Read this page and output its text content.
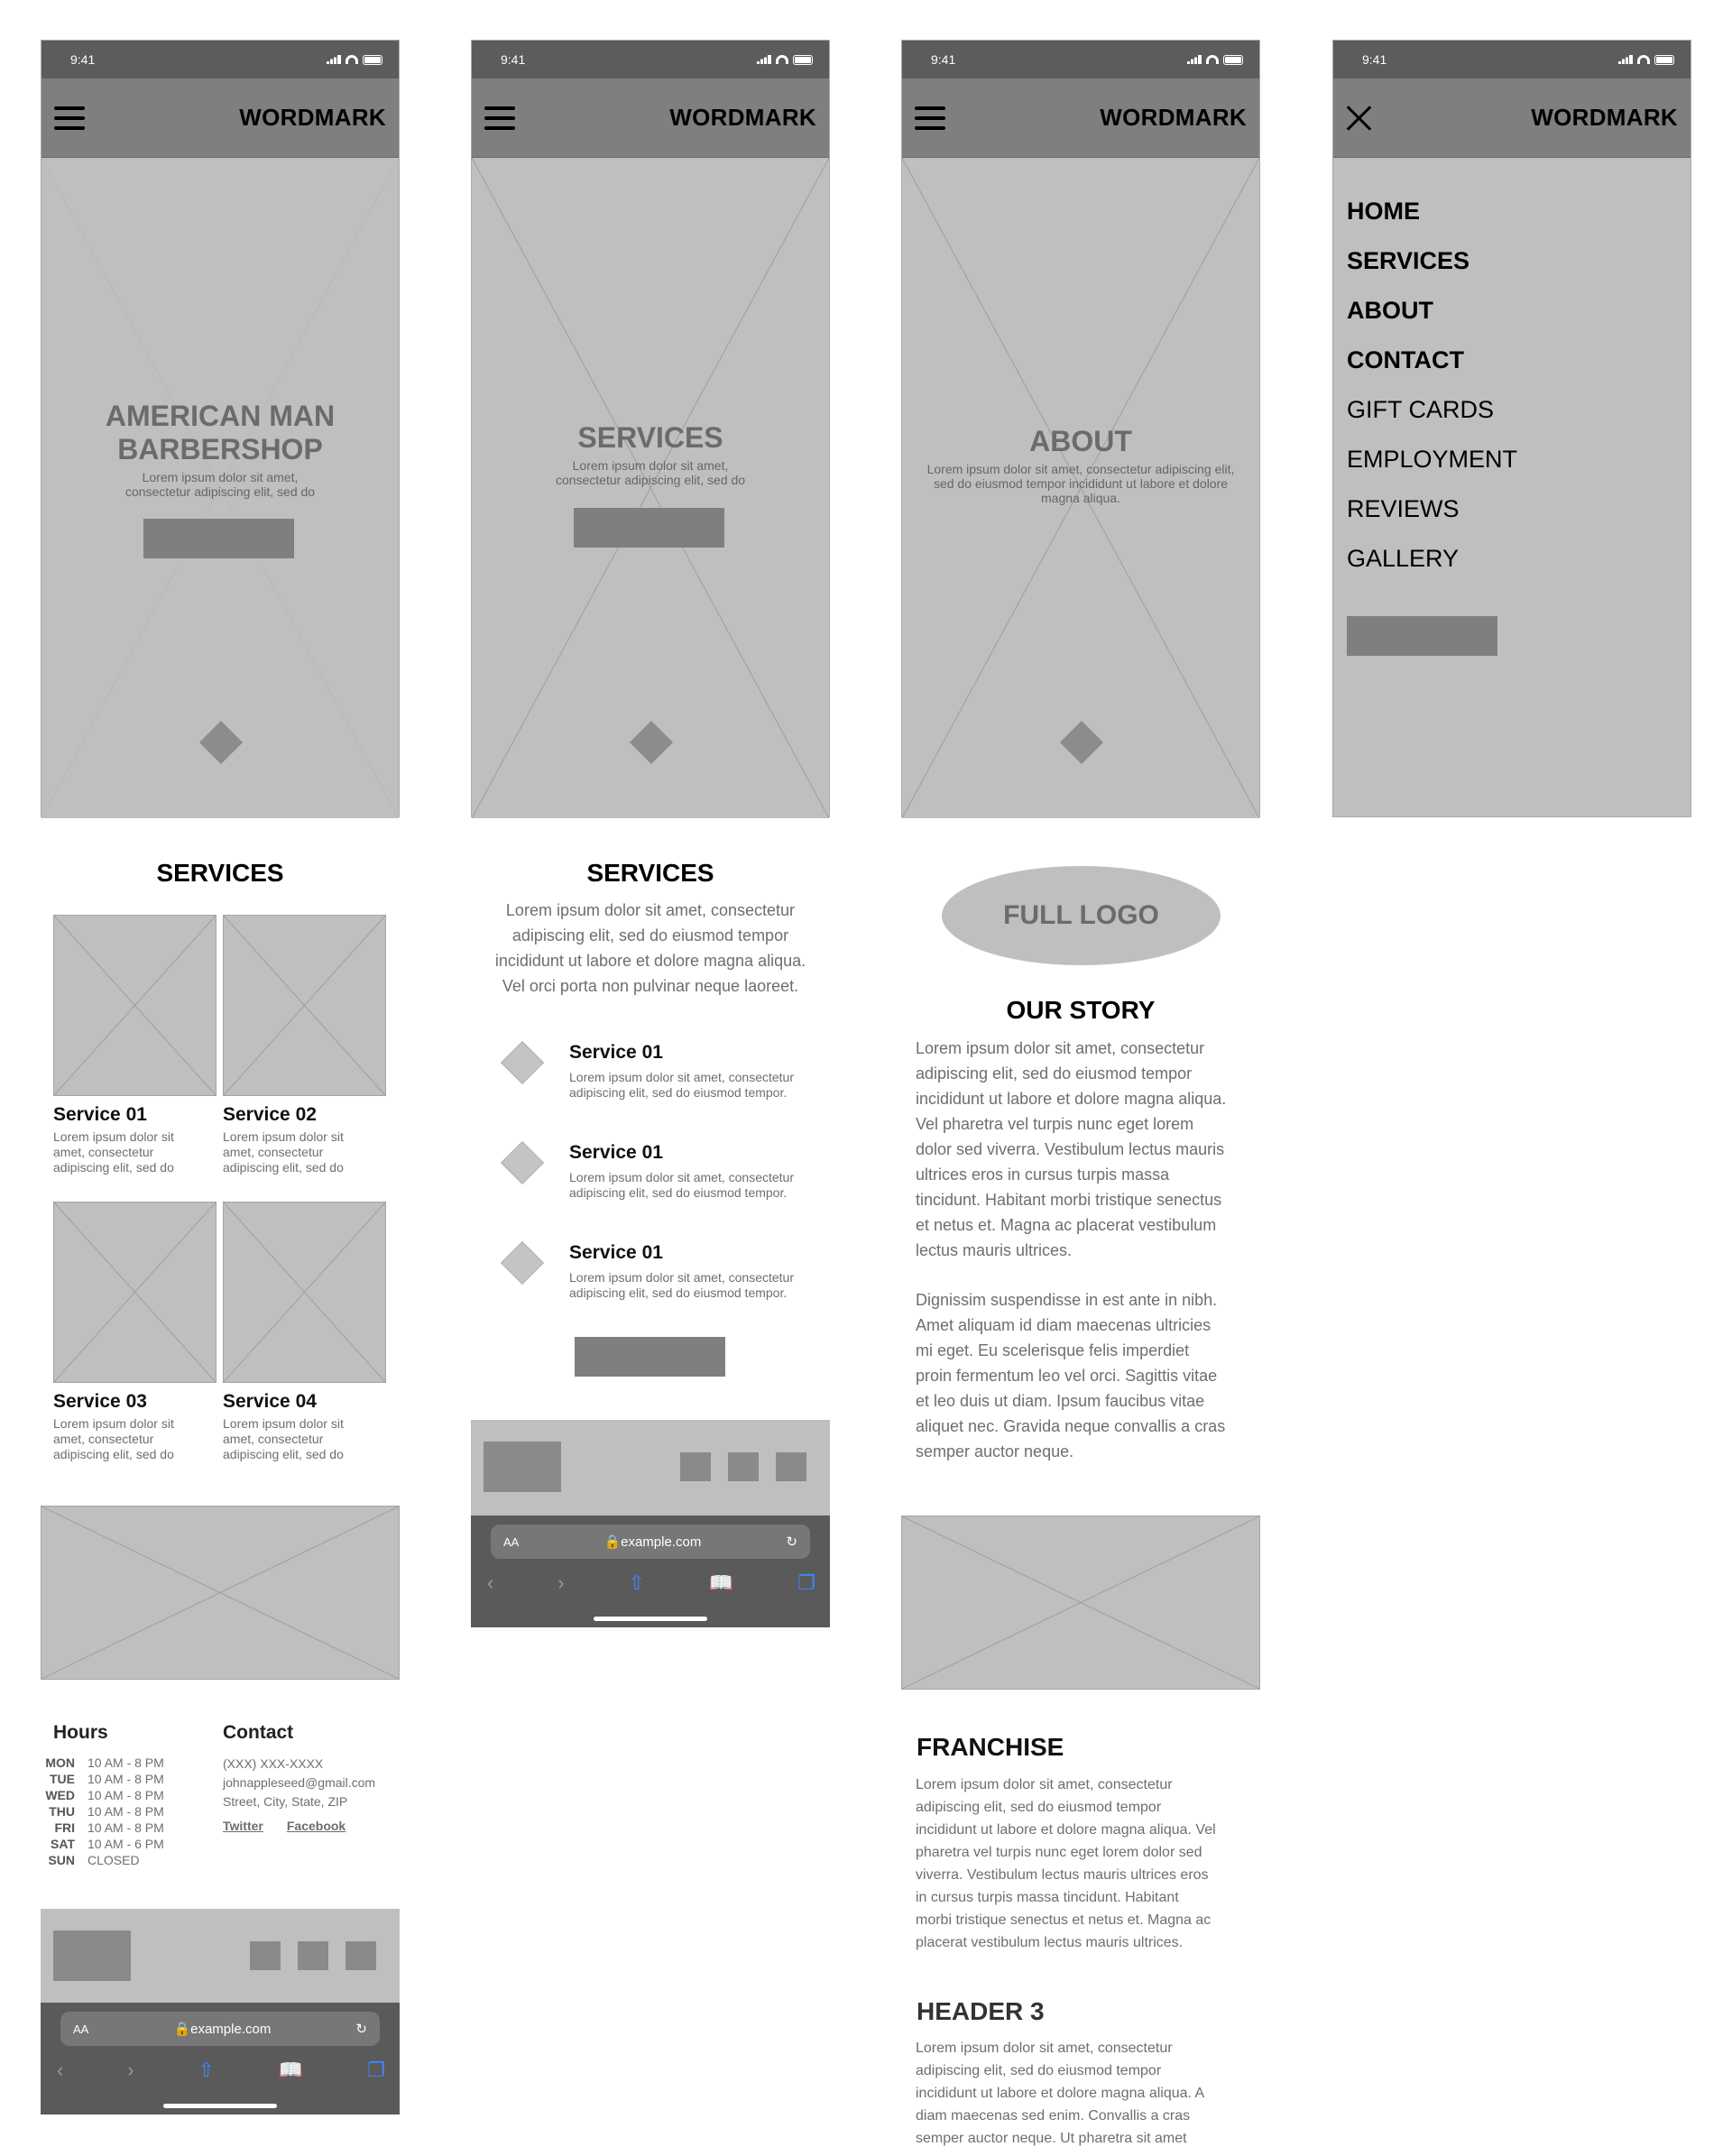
9:41
WORDMARK
AMERICAN MAN
BARBERSHOP
Lorem ipsum dolor sit amet,
consectetur adipiscing elit, sed do
SERVICES
Service 01
Lorem ipsum dolor sit
amet, consectetur
adipiscing elit, sed do
Service 02
Lorem ipsum dolor sit
amet, consectetur
adipiscing elit, sed do
Service 03
Lorem ipsum dolor sit
amet, consectetur
adipiscing elit, sed do
Service 04
Lorem ipsum dolor sit
amet, consectetur
adipiscing elit, sed do
Hours
MON	10 AM - 8 PM
TUE	10 AM - 8 PM
WED	10 AM - 8 PM
THU	10 AM - 8 PM
FRI	10 AM - 8 PM
SAT	10 AM - 6 PM
SUN	CLOSED
Contact
(XXX) XXX-XXXX
johnappleseed@gmail.com
Street, City, State, ZIP
Twitter Facebook
AA	🔒example.com	↻
‹	›	⇧	📖	❐
9:41
WORDMARK
SERVICES
Lorem ipsum dolor sit amet,
consectetur adipiscing elit, sed do
SERVICES
Lorem ipsum dolor sit amet, consectetur
adipiscing elit, sed do eiusmod tempor
incididunt ut labore et dolore magna aliqua.
Vel orci porta non pulvinar neque laoreet.
Service 01
Lorem ipsum dolor sit amet, consectetur
adipiscing elit, sed do eiusmod tempor.
Service 01
Lorem ipsum dolor sit amet, consectetur
adipiscing elit, sed do eiusmod tempor.
Service 01
Lorem ipsum dolor sit amet, consectetur
adipiscing elit, sed do eiusmod tempor.
AA	🔒example.com	↻
‹	›	⇧	📖	❐
9:41
WORDMARK
ABOUT
Lorem ipsum dolor sit amet, consectetur adipiscing elit,
sed do eiusmod tempor incididunt ut labore et dolore
magna aliqua.
FULL LOGO
OUR STORY
Lorem ipsum dolor sit amet, consectetur
adipiscing elit, sed do eiusmod tempor
incididunt ut labore et dolore magna aliqua.
Vel pharetra vel turpis nunc eget lorem
dolor sed viverra. Vestibulum lectus mauris
ultrices eros in cursus turpis massa
tincidunt. Habitant morbi tristique senectus
et netus et. Magna ac placerat vestibulum
lectus mauris ultrices.
Dignissim suspendisse in est ante in nibh.
Amet aliquam id diam maecenas ultricies
mi eget. Eu scelerisque felis imperdiet
proin fermentum leo vel orci. Sagittis vitae
et leo duis ut diam. Ipsum faucibus vitae
aliquet nec. Gravida neque convallis a cras
semper auctor neque.
FRANCHISE
Lorem ipsum dolor sit amet, consectetur
adipiscing elit, sed do eiusmod tempor
incididunt ut labore et dolore magna aliqua. Vel
pharetra vel turpis nunc eget lorem dolor sed
viverra. Vestibulum lectus mauris ultrices eros
in cursus turpis massa tincidunt. Habitant
morbi tristique senectus et netus et. Magna ac
placerat vestibulum lectus mauris ultrices.
HEADER 3
Lorem ipsum dolor sit amet, consectetur
adipiscing elit, sed do eiusmod tempor
incididunt ut labore et dolore magna aliqua. A
diam maecenas sed enim. Convallis a cras
semper auctor neque. Ut pharetra sit amet
9:41
WORDMARK
HOME
SERVICES
ABOUT
CONTACT
GIFT CARDS
EMPLOYMENT
REVIEWS
GALLERY
